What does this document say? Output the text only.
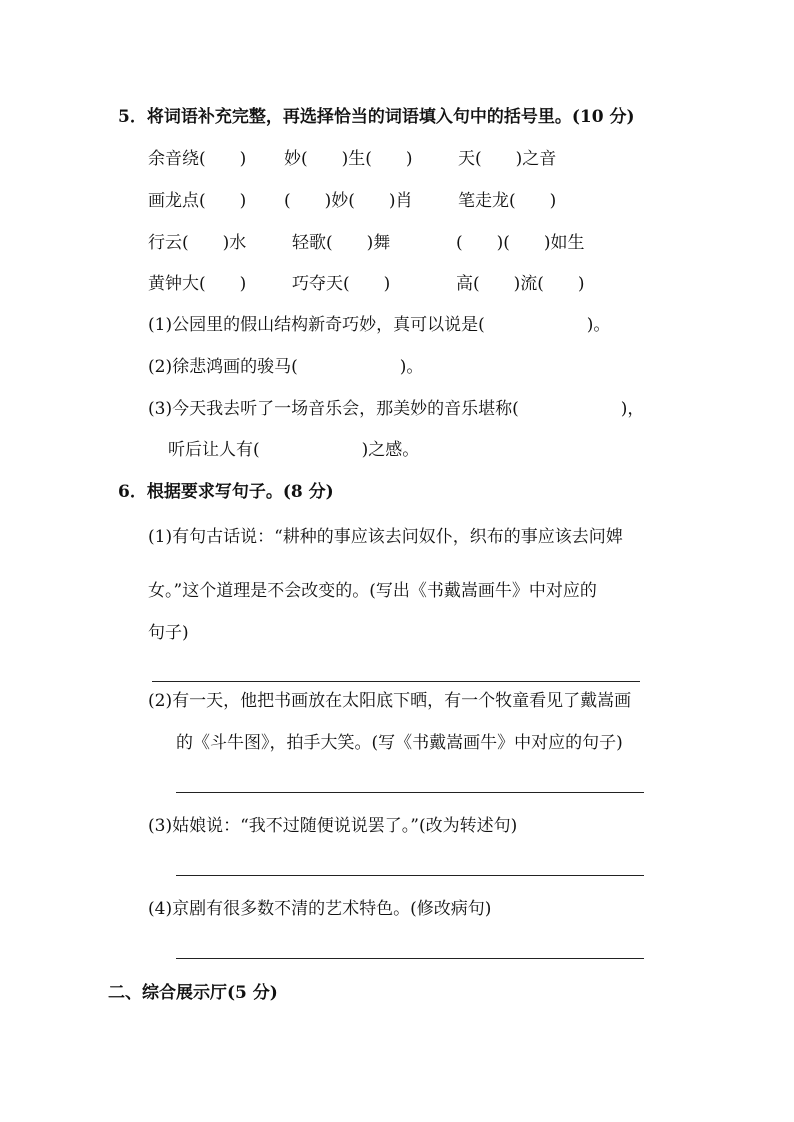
5．将词语补充完整，再选择恰当的词语填入句中的括号里。(10 分)
余音绕(　　) 妙(　　)生(　　)	天(　　)之音
画龙点(　　) (　　)妙(　　)肖	笔走龙(　　)
行云(　　)水	轻歌(　　)舞	(　　)(　　)如生
黄钟大(　　)	巧夺天(　　)	高(　　)流(　　)
(1)公园里的假山结构新奇巧妙，真可以说是(　　　　　　)。
(2)徐悲鸿画的骏马(　　　　　　)。
(3)今天我去听了一场音乐会，那美妙的音乐堪称(　　　　　　)，
听后让人有(　　　　　　)之感。
6．根据要求写句子。(8 分)
(1)有句古话说：“耕种的事应该去问奴仆，织布的事应该去问婢
女。”这个道理是不会改变的。(写出《书戴嵩画牛》中对应的
句子)
(2)有一天，他把书画放在太阳底下晒，有一个牧童看见了戴嵩画
的《斗牛图》，拍手大笑。(写《书戴嵩画牛》中对应的句子)
(3)姑娘说：“我不过随便说说罢了。”(改为转述句)
(4)京剧有很多数不清的艺术特色。(修改病句)
二、综合展示厅(5 分)
